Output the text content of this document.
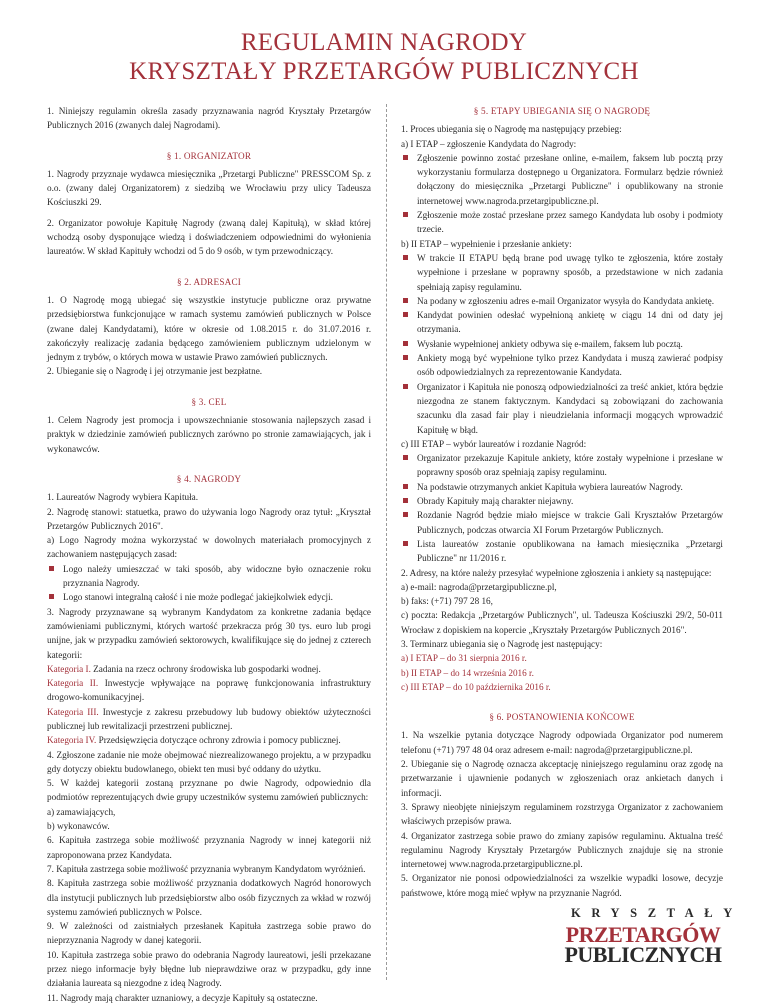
REGULAMIN NAGRODY
KRYSZTAŁY PRZETARGÓW PUBLICZNYCH

1. Niniejszy regulamin określa zasady przyznawania nagród Kryształy Przetargów Publicznych 2016 (zwanych dalej Nagrodami).

§ 1. ORGANIZATOR

1. Nagrody przyznaje wydawca miesięcznika „Przetargi Publiczne" PRESSCOM Sp. z o.o. (zwany dalej Organizatorem) z siedzibą we Wrocławiu przy ulicy Tadeusza Kościuszki 29.

2. Organizator powołuje Kapitułę Nagrody (zwaną dalej Kapitułą), w skład której wchodzą osoby dysponujące wiedzą i doświadczeniem odpowiednimi do wyłonienia laureatów. W skład Kapituły wchodzi od 5 do 9 osób, w tym przewodniczący.

§ 2. ADRESACI

1. O Nagrodę mogą ubiegać się wszystkie instytucje publiczne oraz prywatne przedsiębiorstwa funkcjonujące w ramach systemu zamówień publicznych w Polsce (zwane dalej Kandydatami), które w okresie od 1.08.2015 r. do 31.07.2016 r. zakończyły realizację zadania będącego zamówieniem publicznym udzielonym w jednym z trybów, o których mowa w ustawie Prawo zamówień publicznych.

2. Ubieganie się o Nagrodę i jej otrzymanie jest bezpłatne.

§ 3. CEL

1. Celem Nagrody jest promocja i upowszechnianie stosowania najlepszych zasad i praktyk w dziedzinie zamówień publicznych zarówno po stronie zamawiających, jak i wykonawców.

§ 4. NAGRODY

1. Laureatów Nagrody wybiera Kapituła.

2. Nagrodę stanowi: statuetka, prawo do używania logo Nagrody oraz tytuł: „Kryształ Przetargów Publicznych 2016".

a) Logo Nagrody można wykorzystać w dowolnych materiałach promocyjnych z zachowaniem następujących zasad:

Logo należy umieszczać w taki sposób, aby widoczne było oznaczenie roku przyznania Nagrody.
Logo stanowi integralną całość i nie może podlegać jakiejkolwiek edycji.

3. Nagrody przyznawane są wybranym Kandydatom za konkretne zadania będące zamówieniami publicznymi, których wartość przekracza próg 30 tys. euro lub progi unijne, jak w przypadku zamówień sektorowych, kwalifikujące się do jednej z czterech kategorii:

Kategoria I. Zadania na rzecz ochrony środowiska lub gospodarki wodnej.

Kategoria II. Inwestycje wpływające na poprawę funkcjonowania infrastruktury drogowo-komunikacyjnej.

Kategoria III. Inwestycje z zakresu przebudowy lub budowy obiektów użyteczności publicznej lub rewitalizacji przestrzeni publicznej.

Kategoria IV. Przedsięwzięcia dotyczące ochrony zdrowia i pomocy publicznej.

4. Zgłoszone zadanie nie może obejmować niezrealizowanego projektu, a w przypadku gdy dotyczy obiektu budowlanego, obiekt ten musi być oddany do użytku.

5. W każdej kategorii zostaną przyznane po dwie Nagrody, odpowiednio dla podmiotów reprezentujących dwie grupy uczestników systemu zamówień publicznych:

a) zamawiających,

b) wykonawców.

6. Kapituła zastrzega sobie możliwość przyznania Nagrody w innej kategorii niż zaproponowana przez Kandydata.

7. Kapituła zastrzega sobie możliwość przyznania wybranym Kandydatom wyróżnień.

8. Kapituła zastrzega sobie możliwość przyznania dodatkowych Nagród honorowych dla instytucji publicznych lub przedsiębiorstw albo osób fizycznych za wkład w rozwój systemu zamówień publicznych w Polsce.

9. W zależności od zaistniałych przesłanek Kapituła zastrzega sobie prawo do nieprzyznania Nagrody w danej kategorii.

10. Kapituła zastrzega sobie prawo do odebrania Nagrody laureatowi, jeśli przekazane przez niego informacje były błędne lub nieprawdziwe oraz w przypadku, gdy inne działania laureata są niezgodne z ideą Nagrody.

11. Nagrody mają charakter uznaniowy, a decyzje Kapituły są ostateczne.

§ 5. ETAPY UBIEGANIA SIĘ O NAGRODĘ

1. Proces ubiegania się o Nagrodę ma następujący przebieg:

a) I ETAP – zgłoszenie Kandydata do Nagrody:

Zgłoszenie powinno zostać przesłane online, e-mailem, faksem lub pocztą przy wykorzystaniu formularza dostępnego u Organizatora. Formularz będzie również dołączony do miesięcznika „Przetargi Publiczne" i opublikowany na stronie internetowej www.nagroda.przetargipubliczne.pl.
Zgłoszenie może zostać przesłane przez samego Kandydata lub osoby i podmioty trzecie.

b) II ETAP – wypełnienie i przesłanie ankiety:

W trakcie II ETAPU będą brane pod uwagę tylko te zgłoszenia, które zostały wypełnione i przesłane w poprawny sposób, a przedstawione w nich zadania spełniają zapisy regulaminu.
Na podany w zgłoszeniu adres e-mail Organizator wysyła do Kandydata ankietę.
Kandydat powinien odesłać wypełnioną ankietę w ciągu 14 dni od daty jej otrzymania.
Wysłanie wypełnionej ankiety odbywa się e-mailem, faksem lub pocztą.
Ankiety mogą być wypełnione tylko przez Kandydata i muszą zawierać podpisy osób odpowiedzialnych za reprezentowanie Kandydata.
Organizator i Kapituła nie ponoszą odpowiedzialności za treść ankiet, która będzie niezgodna ze stanem faktycznym. Kandydaci są zobowiązani do zachowania szacunku dla zasad fair play i nieudzielania informacji mogących wprowadzić Kapitułę w błąd.

c) III ETAP – wybór laureatów i rozdanie Nagród:

Organizator przekazuje Kapitule ankiety, które zostały wypełnione i przesłane w poprawny sposób oraz spełniają zapisy regulaminu.
Na podstawie otrzymanych ankiet Kapituła wybiera laureatów Nagrody.
Obrady Kapituły mają charakter niejawny.
Rozdanie Nagród będzie miało miejsce w trakcie Gali Kryształów Przetargów Publicznych, podczas otwarcia XI Forum Przetargów Publicznych.
Lista laureatów zostanie opublikowana na łamach miesięcznika „Przetargi Publiczne" nr 11/2016 r.

2. Adresy, na które należy przesyłać wypełnione zgłoszenia i ankiety są następujące:

a) e-mail: nagroda@przetargipubliczne.pl,

b) faks: (+71) 797 28 16,

c) poczta: Redakcja „Przetargów Publicznych", ul. Tadeusza Kościuszki 29/2, 50-011 Wrocław z dopiskiem na kopercie „Kryształy Przetargów Publicznych 2016".

3. Terminarz ubiegania się o Nagrodę jest następujący:

a) I ETAP – do 31 sierpnia 2016 r.

b) II ETAP – do 14 września 2016 r.

c) III ETAP – do 10 października 2016 r.

§ 6. POSTANOWIENIA KOŃCOWE

1. Na wszelkie pytania dotyczące Nagrody odpowiada Organizator pod numerem telefonu (+71) 797 48 04 oraz adresem e-mail: nagroda@przetargipubliczne.pl.

2. Ubieganie się o Nagrodę oznacza akceptację niniejszego regulaminu oraz zgodę na przetwarzanie i ujawnienie podanych w zgłoszeniach oraz ankietach danych i informacji.

3. Sprawy nieobjęte niniejszym regulaminem rozstrzyga Organizator z zachowaniem właściwych przepisów prawa.

4. Organizator zastrzega sobie prawo do zmiany zapisów regulaminu. Aktualna treść regulaminu Nagrody Kryształy Przetargów Publicznych znajduje się na stronie internetowej www.nagroda.przetargipubliczne.pl.

5. Organizator nie ponosi odpowiedzialności za wszelkie wypadki losowe, decyzje państwowe, które mogą mieć wpływ na przyznanie Nagród.

KRYSZTAŁY
PRZETARGÓW
PUBLICZNYCH
